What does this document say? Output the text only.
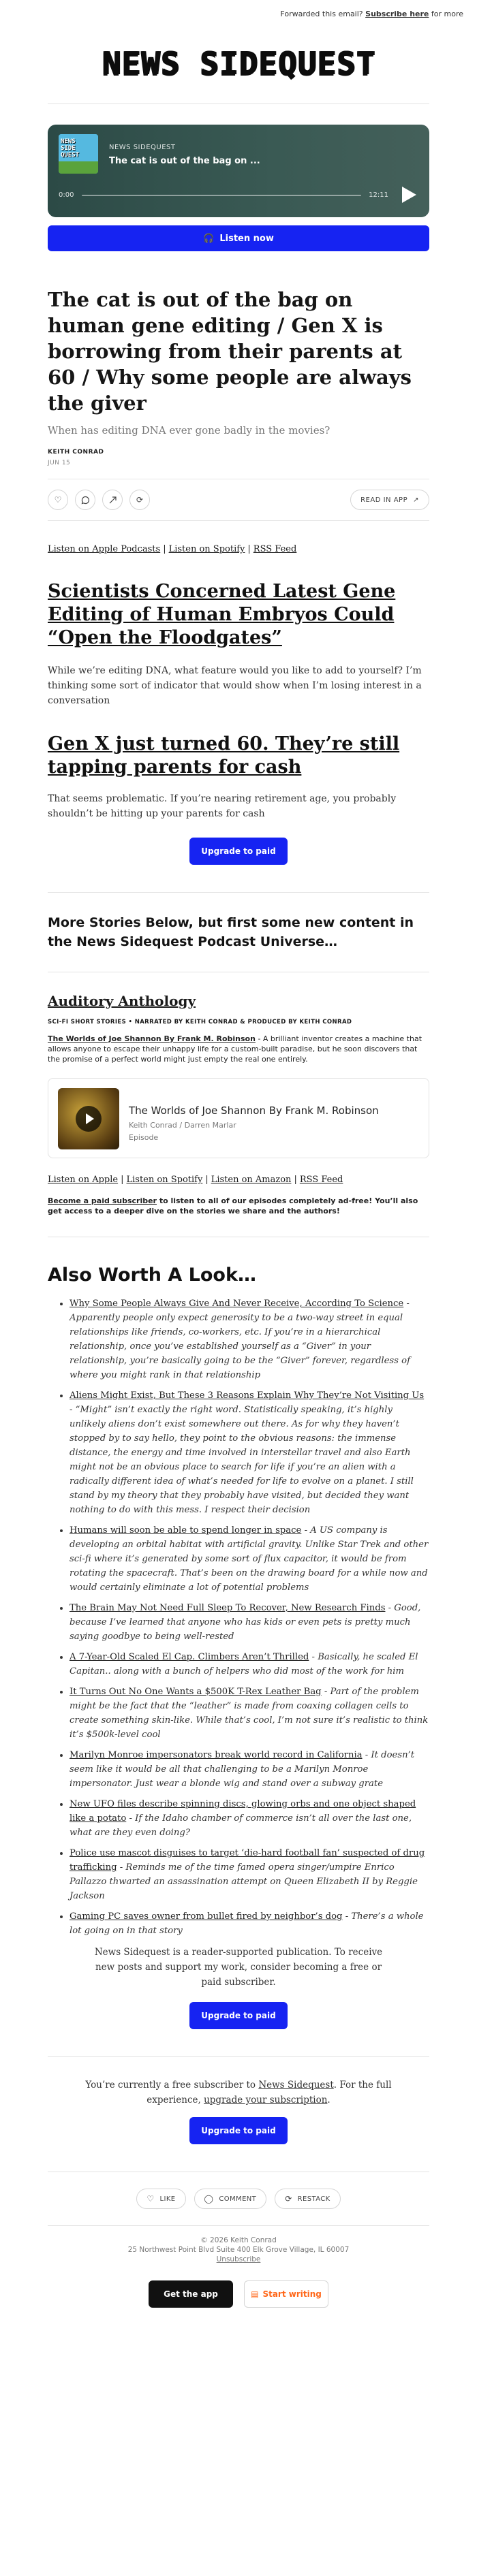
Forwarded this email? Subscribe here for more
NEWS SIDEQUEST
NEWS
SIDE
QUEST
NEWS SIDEQUEST
The cat is out of the bag on ...
0:00	12:11
🎧 Listen now
The cat is out of the bag on human gene editing / Gen X is borrowing from their parents at 60 / Why some people are always the giver
When has editing DNA ever gone badly in the movies?
KEITH CONRAD
JUN 15
♡	⟳	READ IN APP ↗
Listen on Apple Podcasts | Listen on Spotify | RSS Feed
Scientists Concerned Latest Gene Editing of Human Embryos Could “Open the Floodgates”

While we’re editing DNA, what feature would you like to add to yourself? I’m thinking some sort of indicator that would show when I’m losing interest in a conversation

Gen X just turned 60. They’re still tapping parents for cash

That seems problematic. If you’re nearing retirement age, you probably shouldn’t be hitting up your parents for cash

Upgrade to paid
More Stories Below, but first some new content in the News Sidequest Podcast Universe…
Auditory Anthology
SCI-FI SHORT STORIES • NARRATED BY KEITH CONRAD & PRODUCED BY KEITH CONRAD

The Worlds of Joe Shannon By Frank M. Robinson - A brilliant inventor creates a machine that allows anyone to escape their unhappy life for a custom-built paradise, but he soon discovers that the promise of a perfect world might just empty the real one entirely.

The Worlds of Joe Shannon By Frank M. Robinson
Keith Conrad / Darren Marlar
Episode
Listen on Apple | Listen on Spotify | Listen on Amazon | RSS Feed

Become a paid subscriber to listen to all of our episodes completely ad-free! You’ll also get access to a deeper dive on the stories we share and the authors!

Also Worth A Look…
• Why Some People Always Give And Never Receive, According To Science - Apparently people only expect generosity to be a two-way street in equal relationships like friends, co-workers, etc. If you’re in a hierarchical relationship, once you’ve established yourself as a “Giver” in your relationship, you’re basically going to be the “Giver” forever, regardless of where you might rank in that relationship
• Aliens Might Exist, But These 3 Reasons Explain Why They’re Not Visiting Us - “Might” isn’t exactly the right word. Statistically speaking, it’s highly unlikely aliens don’t exist somewhere out there. As for why they haven’t stopped by to say hello, they point to the obvious reasons: the immense distance, the energy and time involved in interstellar travel and also Earth might not be an obvious place to search for life if you’re an alien with a radically different idea of what’s needed for life to evolve on a planet. I still stand by my theory that they probably have visited, but decided they want nothing to do with this mess. I respect their decision
• Humans will soon be able to spend longer in space - A US company is developing an orbital habitat with artificial gravity. Unlike Star Trek and other sci-fi where it’s generated by some sort of flux capacitor, it would be from rotating the spacecraft. That’s been on the drawing board for a while now and would certainly eliminate a lot of potential problems
• The Brain May Not Need Full Sleep To Recover, New Research Finds - Good, because I’ve learned that anyone who has kids or even pets is pretty much saying goodbye to being well-rested
• A 7-Year-Old Scaled El Cap. Climbers Aren’t Thrilled - Basically, he scaled El Capitan.. along with a bunch of helpers who did most of the work for him
• It Turns Out No One Wants a $500K T-Rex Leather Bag - Part of the problem might be the fact that the “leather” is made from coaxing collagen cells to create something skin-like. While that’s cool, I’m not sure it’s realistic to think it’s $500k-level cool
• Marilyn Monroe impersonators break world record in California - It doesn’t seem like it would be all that challenging to be a Marilyn Monroe impersonator. Just wear a blonde wig and stand over a subway grate
• New UFO files describe spinning discs, glowing orbs and one object shaped like a potato - If the Idaho chamber of commerce isn’t all over the last one, what are they even doing?
• Police use mascot disguises to target ‘die-hard football fan’ suspected of drug trafficking - Reminds me of the time famed opera singer/umpire Enrico Pallazzo thwarted an assassination attempt on Queen Elizabeth II by Reggie Jackson
• Gaming PC saves owner from bullet fired by neighbor’s dog - There’s a whole lot going on in that story

News Sidequest is a reader-supported publication. To receive new posts and support my work, consider becoming a free or paid subscriber.

Upgrade to paid

You’re currently a free subscriber to News Sidequest. For the full experience, upgrade your subscription.

Upgrade to paid
♡ LIKE	◯ COMMENT	⟳ RESTACK
© 2026 Keith Conrad
25 Northwest Point Blvd Suite 400 Elk Grove Village, IL 60007
Unsubscribe
Get the app	▤ Start writing
